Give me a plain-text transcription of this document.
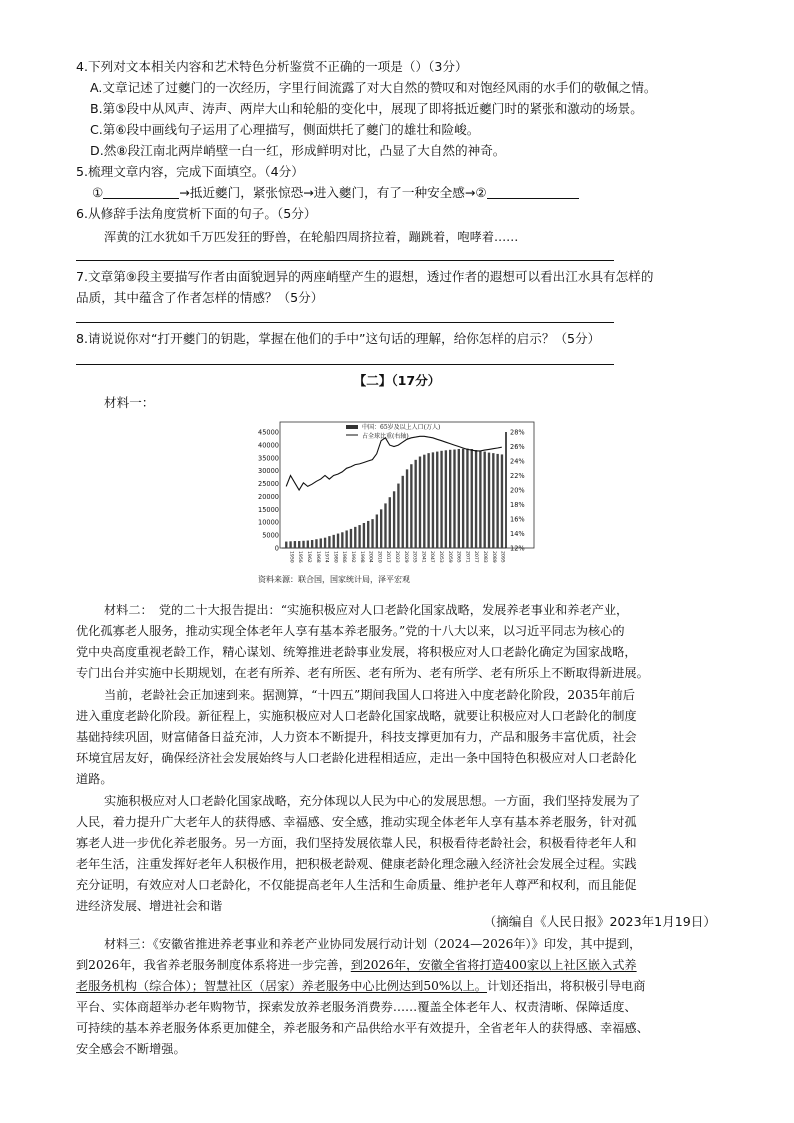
4.下列对文本相关内容和艺术特色分析鉴赏不正确的一项是（）（3分）
A.文章记述了过夔门的一次经历，字里行间流露了对大自然的赞叹和对饱经风雨的水手们的敬佩之情。
B.第⑤段中从风声、涛声、两岸大山和轮船的变化中，展现了即将抵近夔门时的紧张和激动的场景。
C.第⑥段中画线句子运用了心理描写，侧面烘托了夔门的雄壮和险峻。
D.然⑧段江南北两岸峭壁一白一红，形成鲜明对比，凸显了大自然的神奇。
5.梳理文章内容，完成下面填空。（4分）
①	→抵近夔门，紧张惊恐→进入夔门，有了一种安全感→②
6.从修辞手法角度赏析下面的句子。（5分）
浑黄的江水犹如千万匹发狂的野兽，在轮船四周挤拉着，蹦跳着，咆哮着……
7.文章第⑨段主要描写作者由面貌迥异的两座峭壁产生的遐想，透过作者的遐想可以看出江水具有怎样的
品质，其中蕴含了作者怎样的情感？（5分）
8.请说说你对“打开夔门的钥匙，掌握在他们的手中”这句话的理解，给你怎样的启示？（5分）
【二】（17分）
材料一：
0
5000
10000
15000
20000
25000
30000
35000
40000
45000
12%
14%
16%
18%
20%
22%
24%
26%
28%
1950 1956 1962 1968 1974 1980 1986 1992 1998 2004 2010 2017 2023 2029 2035 2041 2047 2053 2059 2065 2071 2077 2083 2089 2095
中国：65岁及以上人口(万人)
占全球比重(右轴)
资料来源：联合国，国家统计局，泽平宏观
材料二：　党的二十大报告提出：“实施积极应对人口老龄化国家战略，发展养老事业和养老产业，
优化孤寡老人服务，推动实现全体老年人享有基本养老服务。”党的十八大以来，以习近平同志为核心的
党中央高度重视老龄工作，精心谋划、统筹推进老龄事业发展，将积极应对人口老龄化确定为国家战略，
专门出台并实施中长期规划，在老有所养、老有所医、老有所为、老有所学、老有所乐上不断取得新进展。
当前，老龄社会正加速到来。据测算，“十四五”期间我国人口将进入中度老龄化阶段，2035年前后
进入重度老龄化阶段。新征程上，实施积极应对人口老龄化国家战略，就要让积极应对人口老龄化的制度
基础持续巩固，财富储备日益充沛，人力资本不断提升，科技支撑更加有力，产品和服务丰富优质，社会
环境宜居友好，确保经济社会发展始终与人口老龄化进程相适应，走出一条中国特色积极应对人口老龄化
道路。
实施积极应对人口老龄化国家战略，充分体现以人民为中心的发展思想。一方面，我们坚持发展为了
人民，着力提升广大老年人的获得感、幸福感、安全感，推动实现全体老年人享有基本养老服务，针对孤
寡老人进一步优化养老服务。另一方面，我们坚持发展依靠人民，积极看待老龄社会，积极看待老年人和
老年生活，注重发挥好老年人积极作用，把积极老龄观、健康老龄化理念融入经济社会发展全过程。实践
充分证明，有效应对人口老龄化，不仅能提高老年人生活和生命质量、维护老年人尊严和权利，而且能促
进经济发展、增进社会和谐
（摘编自《人民日报》2023年1月19日）
材料三：《安徽省推进养老事业和养老产业协同发展行动计划（2024—2026年）》印发，其中提到，
到2026年，我省养老服务制度体系将进一步完善，到2026年，安徽全省将打造400家以上社区嵌入式养
老服务机构（综合体）；智慧社区（居家）养老服务中心比例达到50%以上。计划还指出，将积极引导电商
平台、实体商超举办老年购物节，探索发放养老服务消费券……覆盖全体老年人、权责清晰、保障适度、
可持续的基本养老服务体系更加健全，养老服务和产品供给水平有效提升，全省老年人的获得感、幸福感、
安全感会不断增强。
